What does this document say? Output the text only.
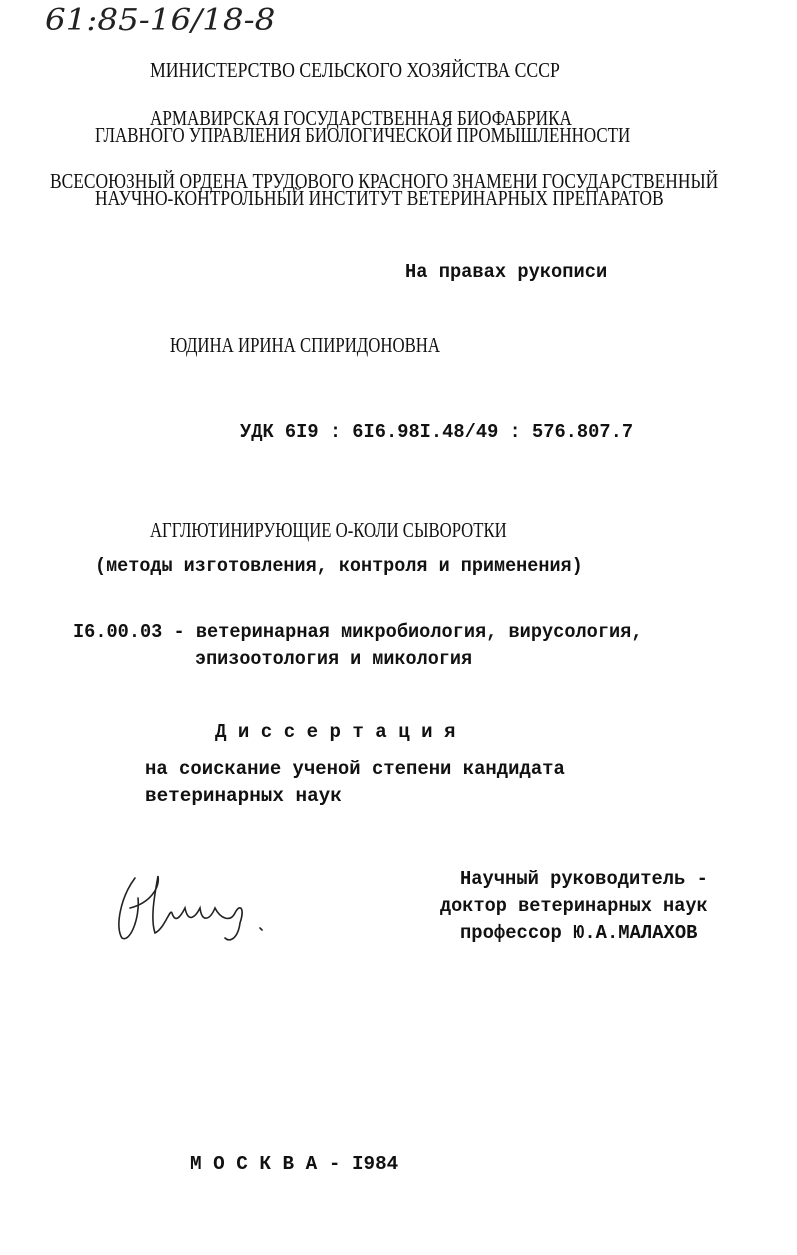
61:85-16/18-8
МИНИСТЕРСТВО СЕЛЬСКОГО ХОЗЯЙСТВА СССР
АРМАВИРСКАЯ ГОСУДАРСТВЕННАЯ БИОФАБРИКА
ГЛАВНОГО УПРАВЛЕНИЯ БИОЛОГИЧЕСКОЙ ПРОМЫШЛЕННОСТИ
ВСЕСОЮЗНЫЙ ОРДЕНА ТРУДОВОГО КРАСНОГО ЗНАМЕНИ ГОСУДАРСТВЕННЫЙ
НАУЧНО-КОНТРОЛЬНЫЙ ИНСТИТУТ ВЕТЕРИНАРНЫХ ПРЕПАРАТОВ
На правах рукописи
ЮДИНА ИРИНА СПИРИДОНОВНА
УДК 6I9 : 6I6.98I.48/49 : 576.807.7
АГГЛЮТИНИРУЮЩИЕ О-КОЛИ СЫВОРОТКИ
(методы изготовления, контроля и применения)
I6.00.03 - ветеринарная микробиология, вирусология,
эпизоотология и микология
Д и с с е р т а ц и я
на соискание ученой степени кандидата
ветеринарных наук
Научный руководитель -
доктор ветеринарных наук
профессор Ю.А.МАЛАХОВ
М О С К В А - I984
